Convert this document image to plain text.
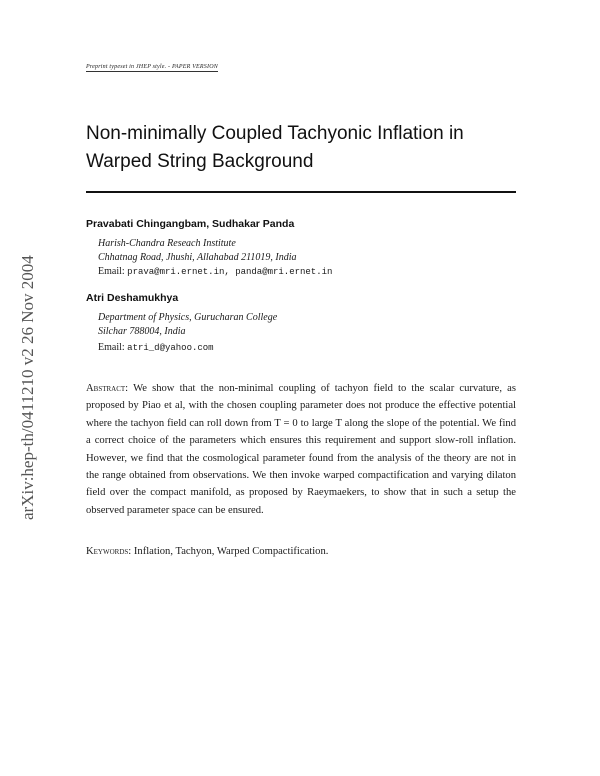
Preprint typeset in JHEP style. - PAPER VERSION
Non-minimally Coupled Tachyonic Inflation in Warped String Background
Pravabati Chingangbam, Sudhakar Panda
Harish-Chandra Reseach Institute
Chhatnag Road, Jhushi, Allahabad 211019, India
Email: prava@mri.ernet.in, panda@mri.ernet.in
Atri Deshamukhya
Department of Physics, Gurucharan College
Silchar 788004, India
Email: atri_d@yahoo.com
Abstract: We show that the non-minimal coupling of tachyon field to the scalar curvature, as proposed by Piao et al, with the chosen coupling parameter does not produce the effective potential where the tachyon field can roll down from T = 0 to large T along the slope of the potential. We find a correct choice of the parameters which ensures this requirement and support slow-roll inflation. However, we find that the cosmological parameter found from the analysis of the theory are not in the range obtained from observations. We then invoke warped compactification and varying dilaton field over the compact manifold, as proposed by Raeymaekers, to show that in such a setup the observed parameter space can be ensured.
Keywords: Inflation, Tachyon, Warped Compactification.
arXiv:hep-th/0411210 v2 26 Nov 2004
